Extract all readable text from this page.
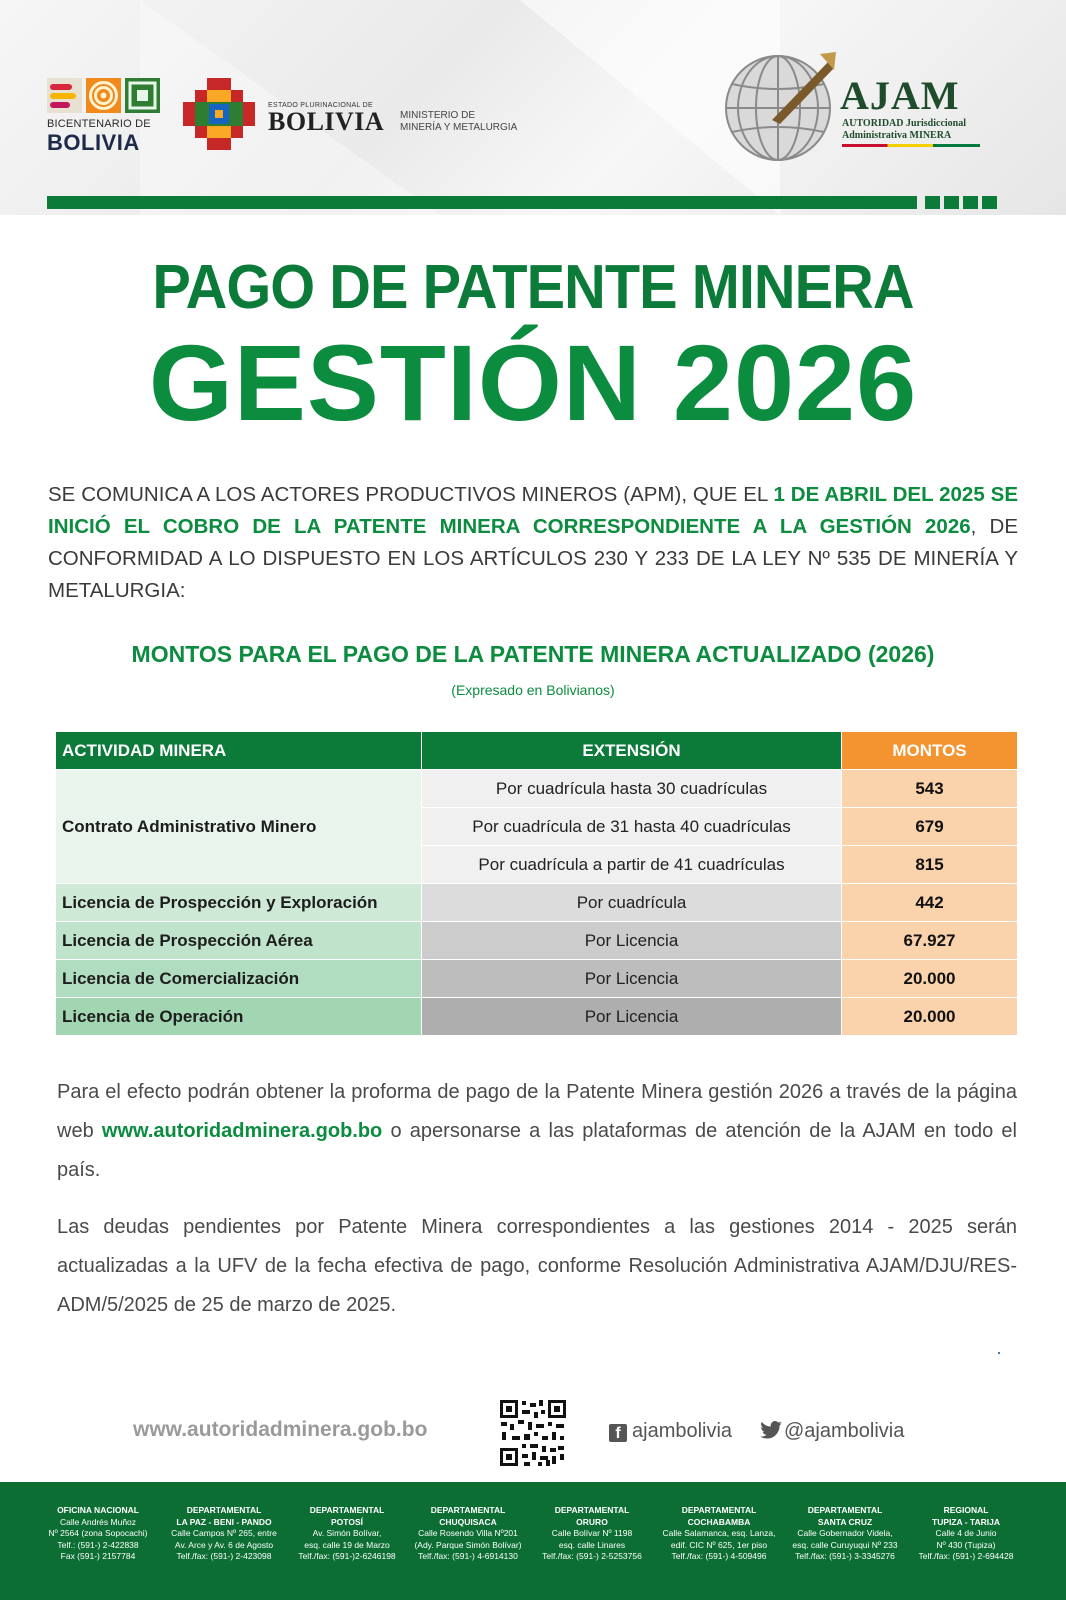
BICENTENARIO DE
BOLIVIA
ESTADO PLURINACIONAL DE
BOLIVIA MINISTERIO DE
MINERÍA Y METALURGIA
AJAM
AUTORIDAD Jurisdiccional
Administrativa MINERA
PAGO DE PATENTE MINERA
GESTIÓN 2026
SE COMUNICA A LOS ACTORES PRODUCTIVOS MINEROS (APM), QUE EL 1 DE ABRIL DEL 2025 SE INICIÓ EL COBRO DE LA PATENTE MINERA CORRESPONDIENTE A LA GESTIÓN 2026, DE CONFORMIDAD A LO DISPUESTO EN LOS ARTÍCULOS 230 Y 233 DE LA LEY Nº 535 DE MINERÍA Y METALURGIA:
MONTOS PARA EL PAGO DE LA PATENTE MINERA ACTUALIZADO (2026)
(Expresado en Bolivianos)
ACTIVIDAD MINERA	EXTENSIÓN	MONTOS
Contrato Administrativo Minero	Por cuadrícula hasta 30 cuadrículas	543
	Por cuadrícula de 31 hasta 40 cuadrículas	679
	Por cuadrícula a partir de 41 cuadrículas	815
Licencia de Prospección y Exploración	Por cuadrícula	442
Licencia de Prospección Aérea	Por Licencia	67.927
Licencia de Comercialización	Por Licencia	20.000
Licencia de Operación	Por Licencia	20.000
Para el efecto podrán obtener la proforma de pago de la Patente Minera gestión 2026 a través de la página web www.autoridadminera.gob.bo o apersonarse a las plataformas de atención de la AJAM en todo el país.
Las deudas pendientes por Patente Minera correspondientes a las gestiones 2014 - 2025 serán actualizadas a la UFV de la fecha efectiva de pago, conforme Resolución Administrativa AJAM/DJU/RES-ADM/5/2025 de 25 de marzo de 2025.
www.autoridadminera.gob.bo	f ajambolivia	@ajambolivia
OFICINA NACIONAL
Calle Andrés Muñoz
Nº 2564 (zona Sopocachi)
Telf.: (591-) 2-422838
Fax (591-) 2157784
DEPARTAMENTAL
LA PAZ - BENI - PANDO
Calle Campos Nº 265, entre
Av. Arce y Av. 6 de Agosto
Telf./fax: (591-) 2-423098
DEPARTAMENTAL
POTOSÍ
Av. Simón Bolívar,
esq. calle 19 de Marzo
Telf./fax: (591-)2-6246198
DEPARTAMENTAL
CHUQUISACA
Calle Rosendo Villa Nº201
(Ady. Parque Simón Bolívar)
Telf./fax: (591-) 4-6914130
DEPARTAMENTAL
ORURO
Calle Bolívar Nº 1198
esq. calle Linares
Telf./fax: (591-) 2-5253756
DEPARTAMENTAL
COCHABAMBA
Calle Salamanca, esq. Lanza,
edif. CIC Nº 625, 1er piso
Telf./fax: (591-) 4-509496
DEPARTAMENTAL
SANTA CRUZ
Calle Gobernador Videla,
esq. calle Curuyuqui Nº 233
Telf./fax: (591-) 3-3345276
REGIONAL
TUPIZA - TARIJA
Calle 4 de Junio
Nº 430 (Tupiza)
Telf./fax: (591-) 2-694428
